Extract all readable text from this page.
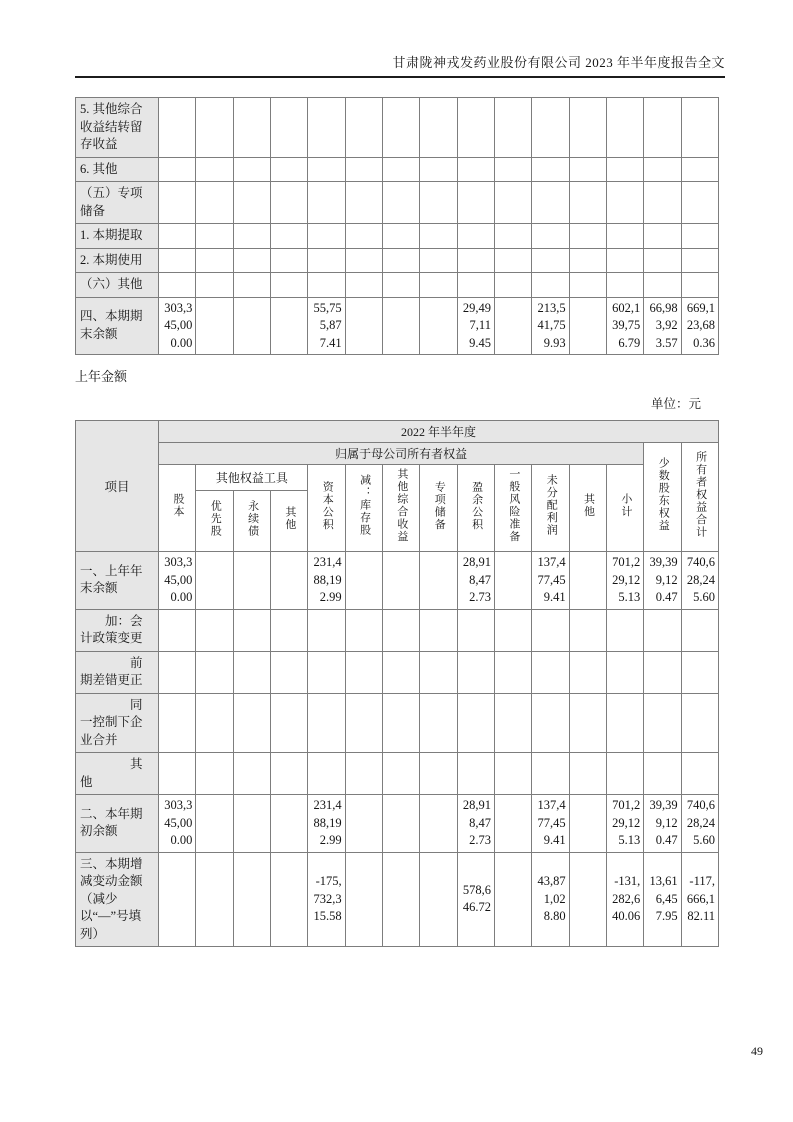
甘肃陇神戎发药业股份有限公司 2023 年半年度报告全文
5. 其他综合收益结转留存收益															
6. 其他															
（五）专项储备															
1. 本期提取															
2. 本期使用															
（六）其他															
四、本期期末余额	303,345,000.00				55,755,877.41				29,497,119.45		213,541,759.93		602,139,756.79	66,983,923.57	669,123,680.36
上年金额
单位：元
项目	2022 年半年度														
	归属于母公司所有者权益													少数股东权益	所有者权益合计
	股本	其他权益工具			资本公积	减：库存股	其他综合收益	专项储备	盈余公积	一般风险准备	未分配利润	其他	小计		
		优先股	永续债	其他											
一、上年年末余额	303,345,000.00				231,488,192.99				28,918,472.73		137,477,459.41		701,229,125.13	39,399,120.47	740,628,245.60
　　加：会计政策变更															
　　　　前期差错更正															
　　　　同一控制下企业合并															
　　　　其他															
二、本年期初余额	303,345,000.00				231,488,192.99				28,918,472.73		137,477,459.41		701,229,125.13	39,399,120.47	740,628,245.60
三、本期增减变动金额（减少以“—”号填列）					-175,732,315.58				578,646.72		43,871,028.80		-131,282,640.06	13,616,457.95	-117,666,182.11
49
